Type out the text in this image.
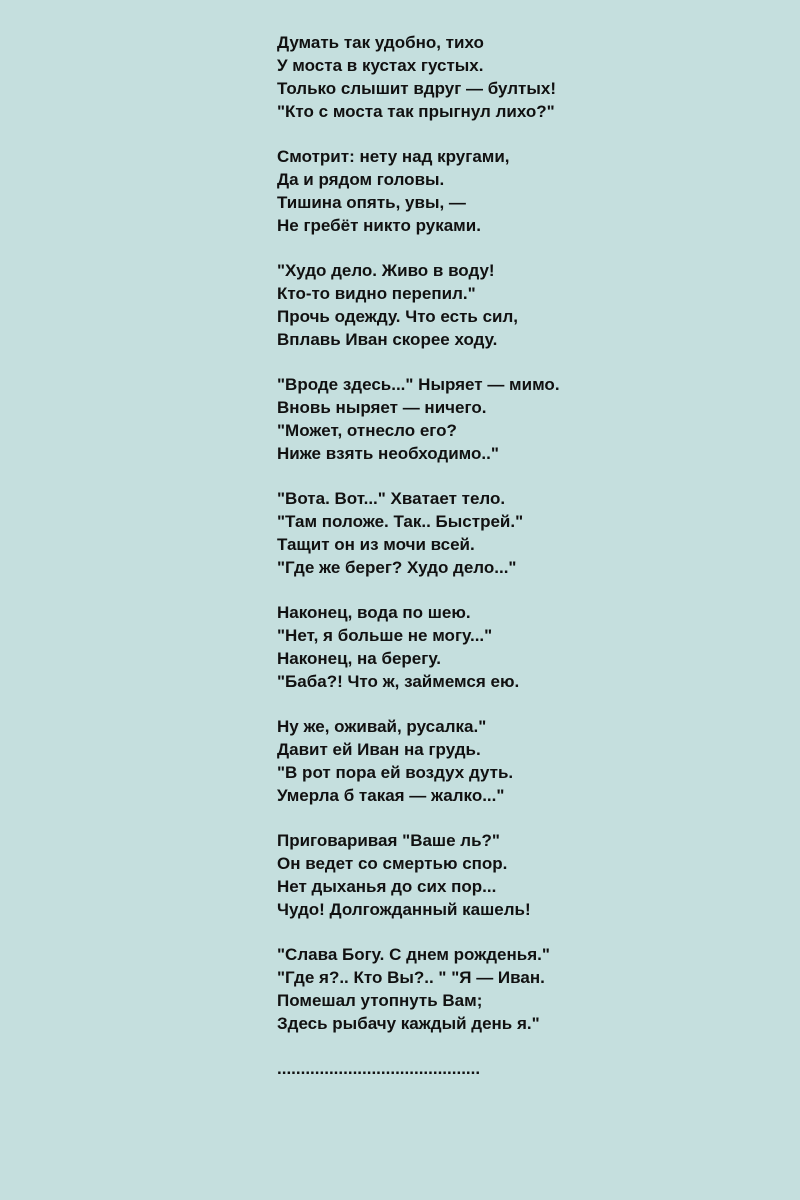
Думать так удобно, тихо
У моста в кустах густых.
Только слышит вдруг — бултых!
"Кто с моста так прыгнул лихо?"
Смотрит: нету над кругами,
Да и рядом головы.
Тишина опять, увы, —
Не гребёт никто руками.
"Худо дело. Живо в воду!
Кто-то видно перепил."
Прочь одежду. Что есть сил,
Вплавь Иван скорее ходу.
"Вроде здесь..." Ныряет — мимо.
Вновь ныряет — ничего.
"Может, отнесло его?
Ниже взять необходимо.."
"Вота. Вот..." Хватает тело.
"Там положе. Так.. Быстрей."
Тащит он из мочи всей.
"Где же берег? Худо дело..."
Наконец, вода по шею.
"Нет, я больше не могу..."
Наконец, на берегу.
"Баба?! Что ж, займемся ею.
Ну же, оживай, русалка."
Давит ей Иван на грудь.
"В рот пора ей воздух дуть.
Умерла б такая — жалко..."
Приговаривая "Ваше ль?"
Он ведет со смертью спор.
Нет дыханья до сих пор...
Чудо! Долгожданный кашель!
"Слава Богу. С днем рожденья."
"Где я?.. Кто Вы?.. " "Я — Иван.
Помешал утопнуть Вам;
Здесь рыбачу каждый день я."
...........................................
